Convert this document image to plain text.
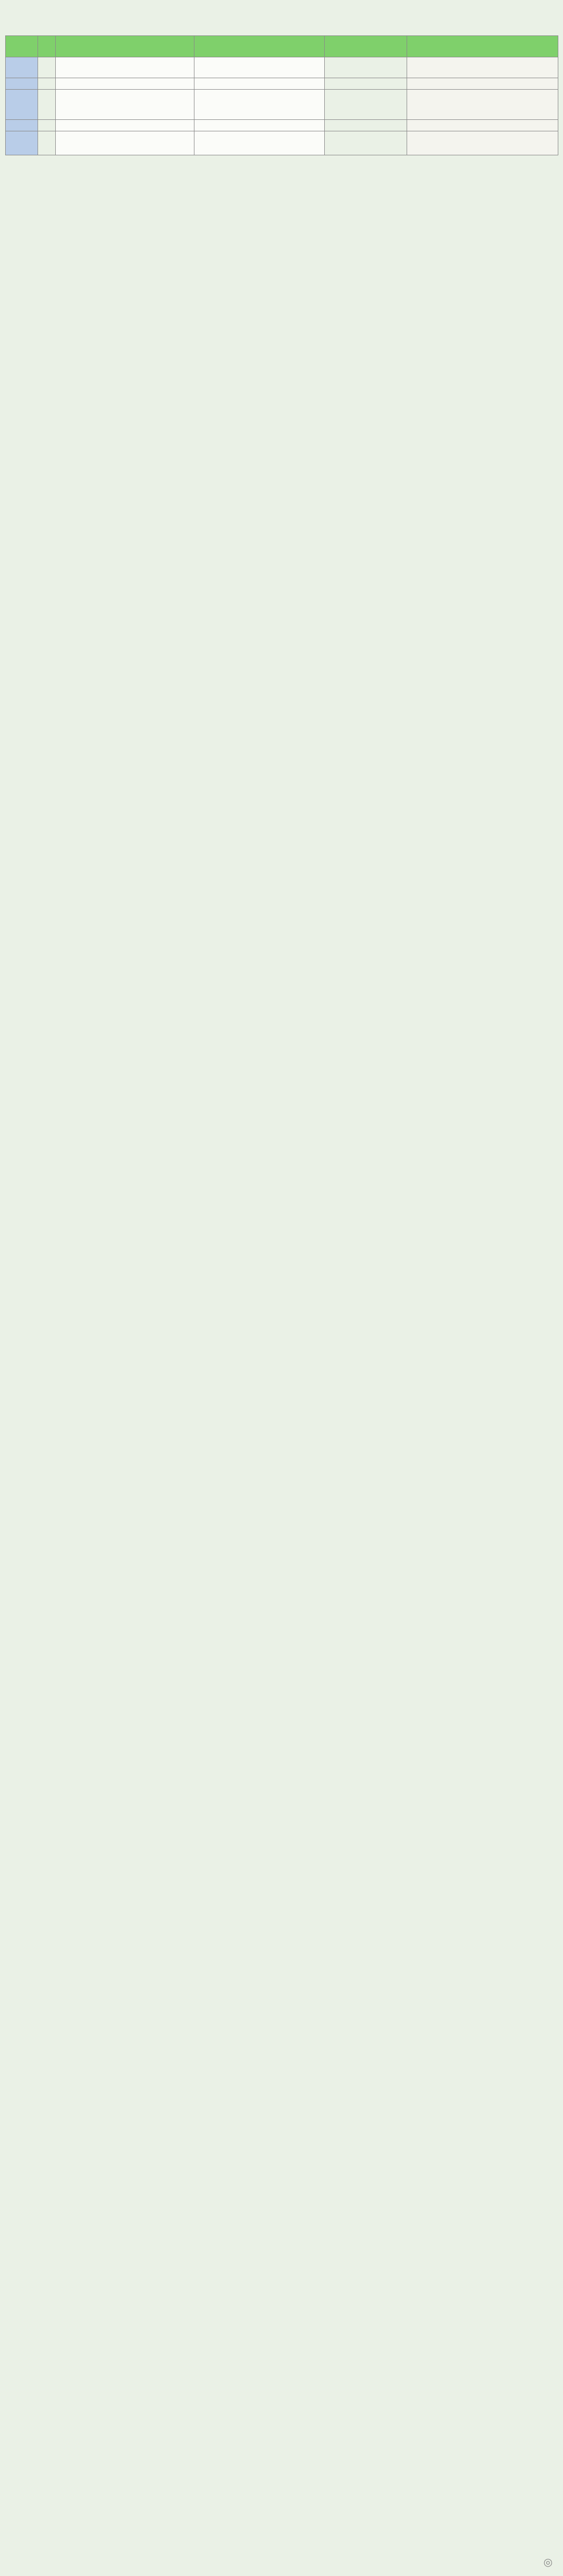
◎
